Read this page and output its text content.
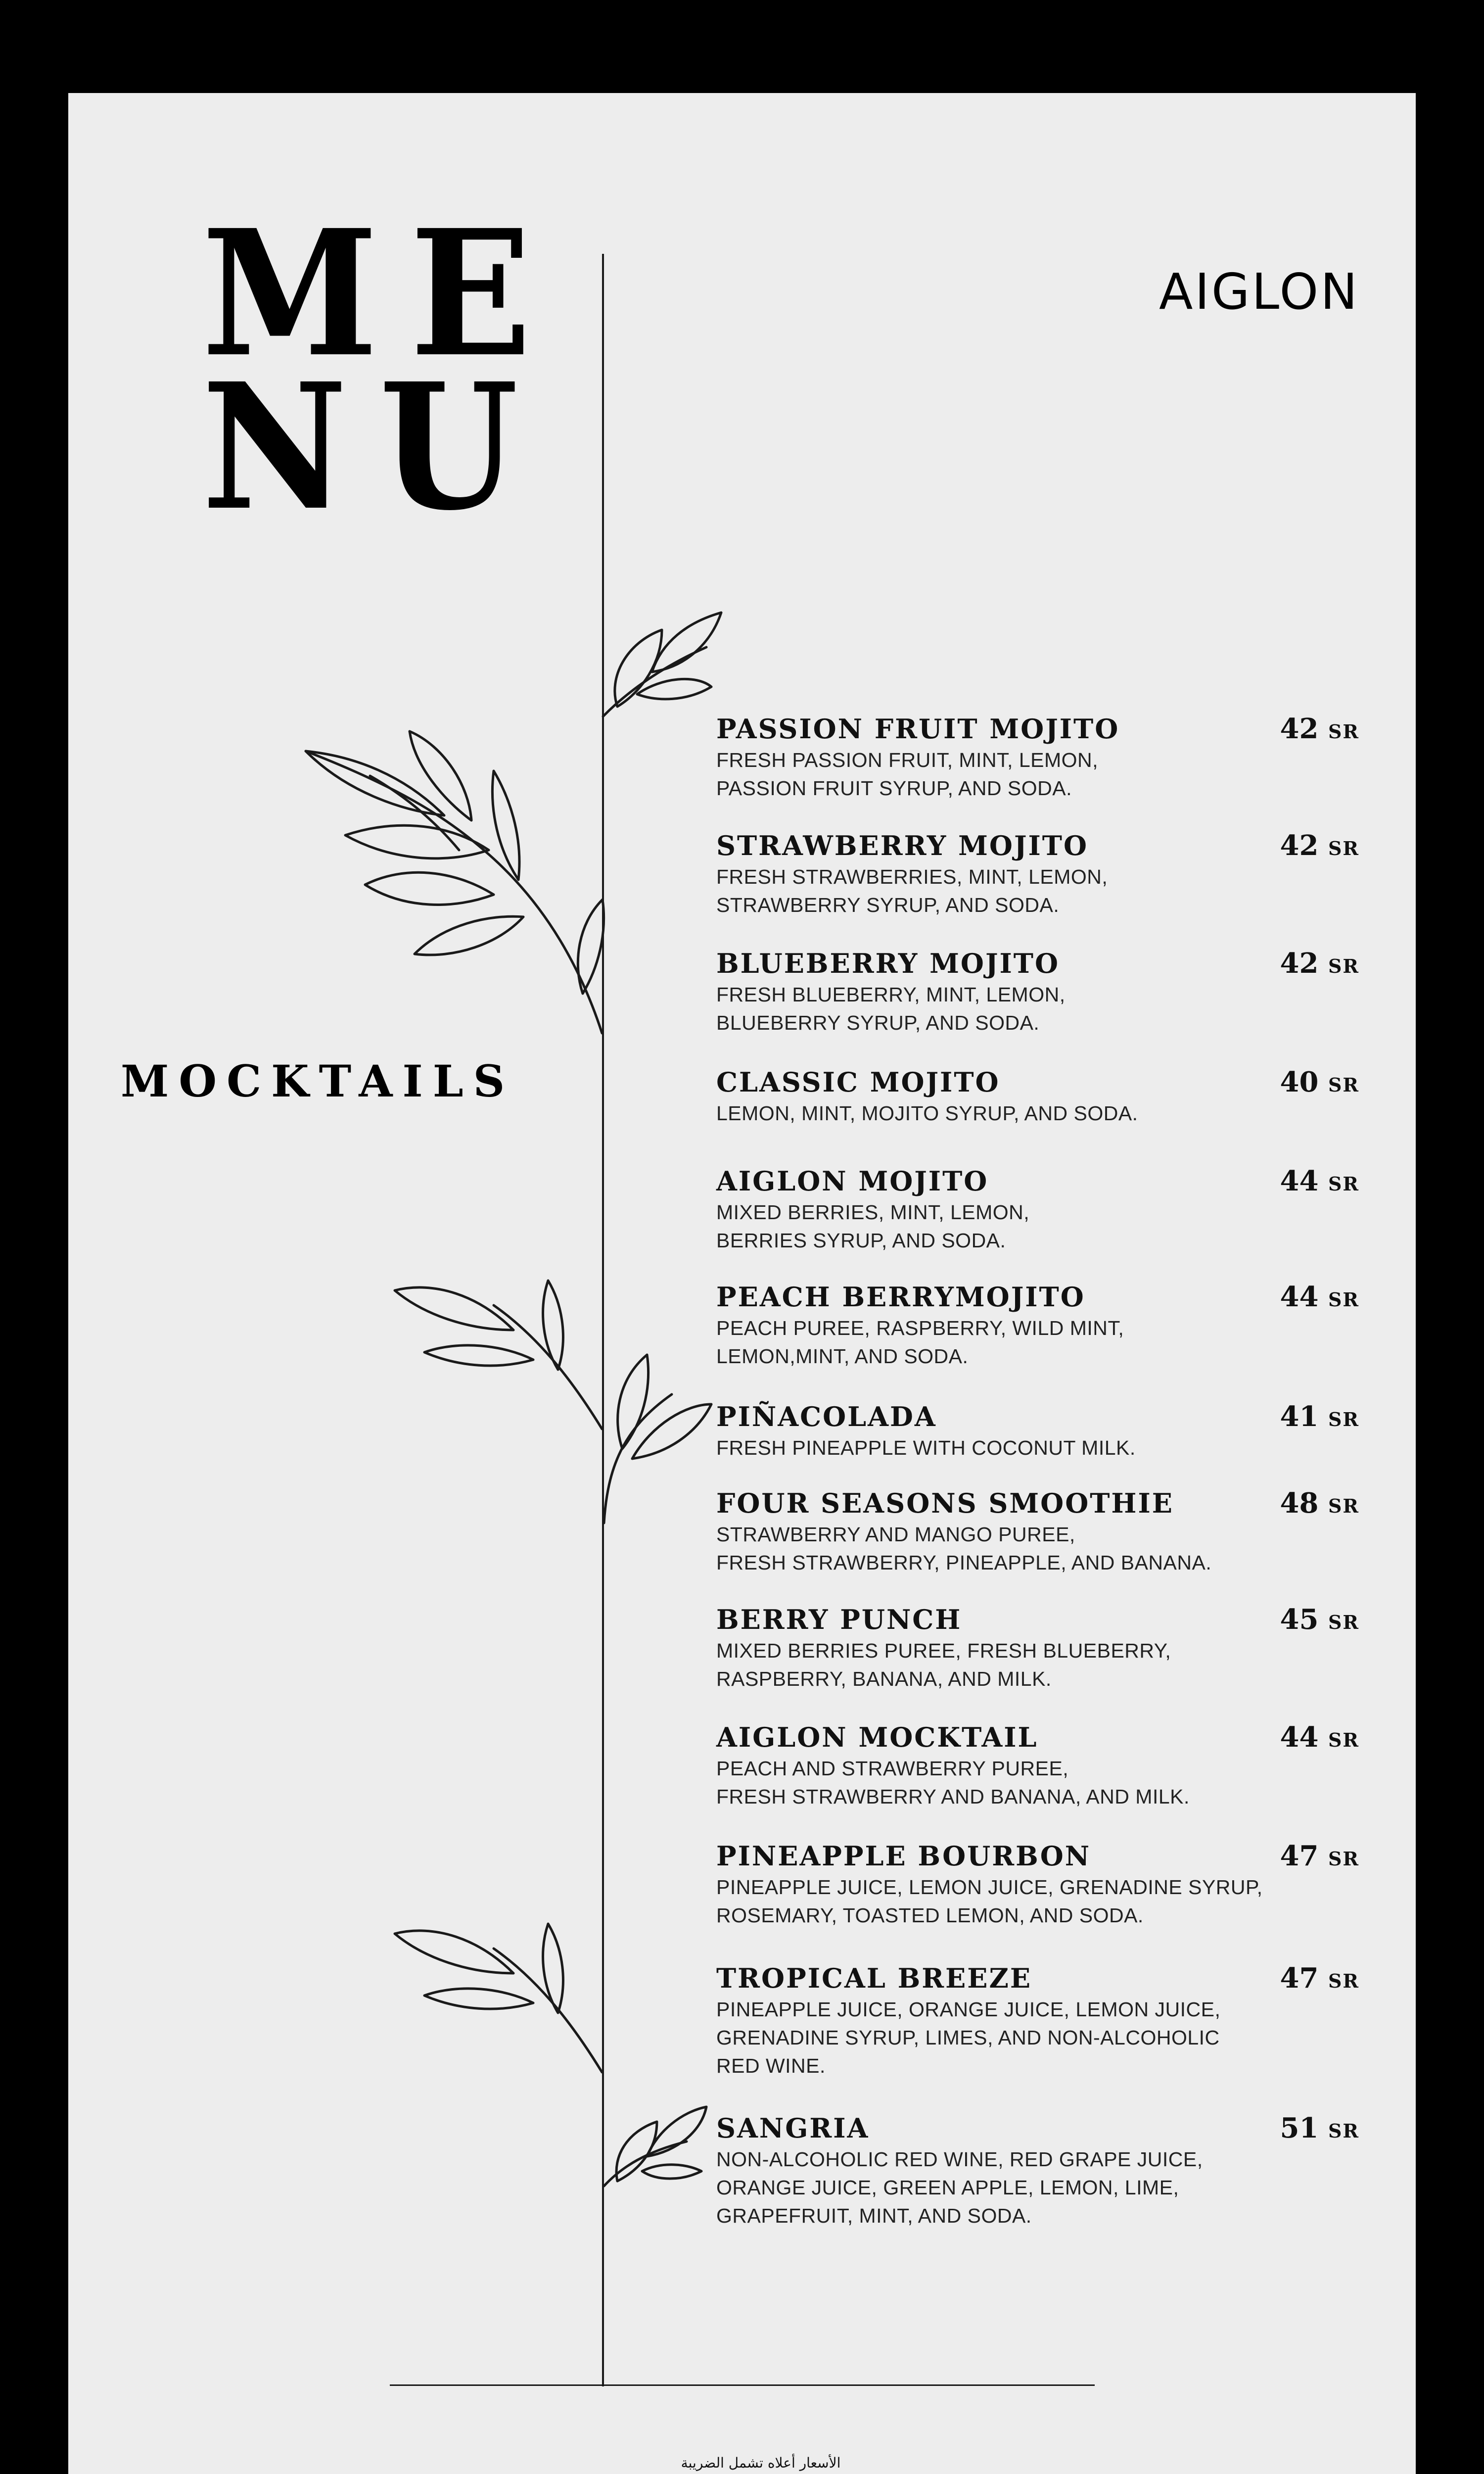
ME
NU
AIGLON
MOCKTAILS
PASSION FRUIT MOJITO	42 SR
FRESH PASSION FRUIT, MINT, LEMON,
PASSION FRUIT SYRUP, AND SODA.
STRAWBERRY MOJITO	42 SR
FRESH STRAWBERRIES, MINT, LEMON,
STRAWBERRY SYRUP, AND SODA.
BLUEBERRY MOJITO	42 SR
FRESH BLUEBERRY, MINT, LEMON,
BLUEBERRY SYRUP, AND SODA.
CLASSIC MOJITO	40 SR
LEMON, MINT, MOJITO SYRUP, AND SODA.
AIGLON MOJITO	44 SR
MIXED BERRIES, MINT, LEMON,
BERRIES SYRUP, AND SODA.
PEACH BERRYMOJITO	44 SR
PEACH PUREE, RASPBERRY, WILD MINT,
LEMON,MINT, AND SODA.
PIÑACOLADA	41 SR
FRESH PINEAPPLE WITH COCONUT MILK.
FOUR SEASONS SMOOTHIE	48 SR
STRAWBERRY AND MANGO PUREE,
FRESH STRAWBERRY, PINEAPPLE, AND BANANA.
BERRY PUNCH	45 SR
MIXED BERRIES PUREE, FRESH BLUEBERRY,
RASPBERRY, BANANA, AND MILK.
AIGLON MOCKTAIL	44 SR
PEACH AND STRAWBERRY PUREE,
FRESH STRAWBERRY AND BANANA, AND MILK.
PINEAPPLE BOURBON	47 SR
PINEAPPLE JUICE, LEMON JUICE, GRENADINE SYRUP,
ROSEMARY, TOASTED LEMON, AND SODA.
TROPICAL BREEZE	47 SR
PINEAPPLE JUICE, ORANGE JUICE, LEMON JUICE,
GRENADINE SYRUP, LIMES, AND NON-ALCOHOLIC
RED WINE.
SANGRIA	51 SR
NON-ALCOHOLIC RED WINE, RED GRAPE JUICE,
ORANGE JUICE, GREEN APPLE, LEMON, LIME,
GRAPEFRUIT, MINT, AND SODA.
الأسعار أعلاه تشمل الضريبة
